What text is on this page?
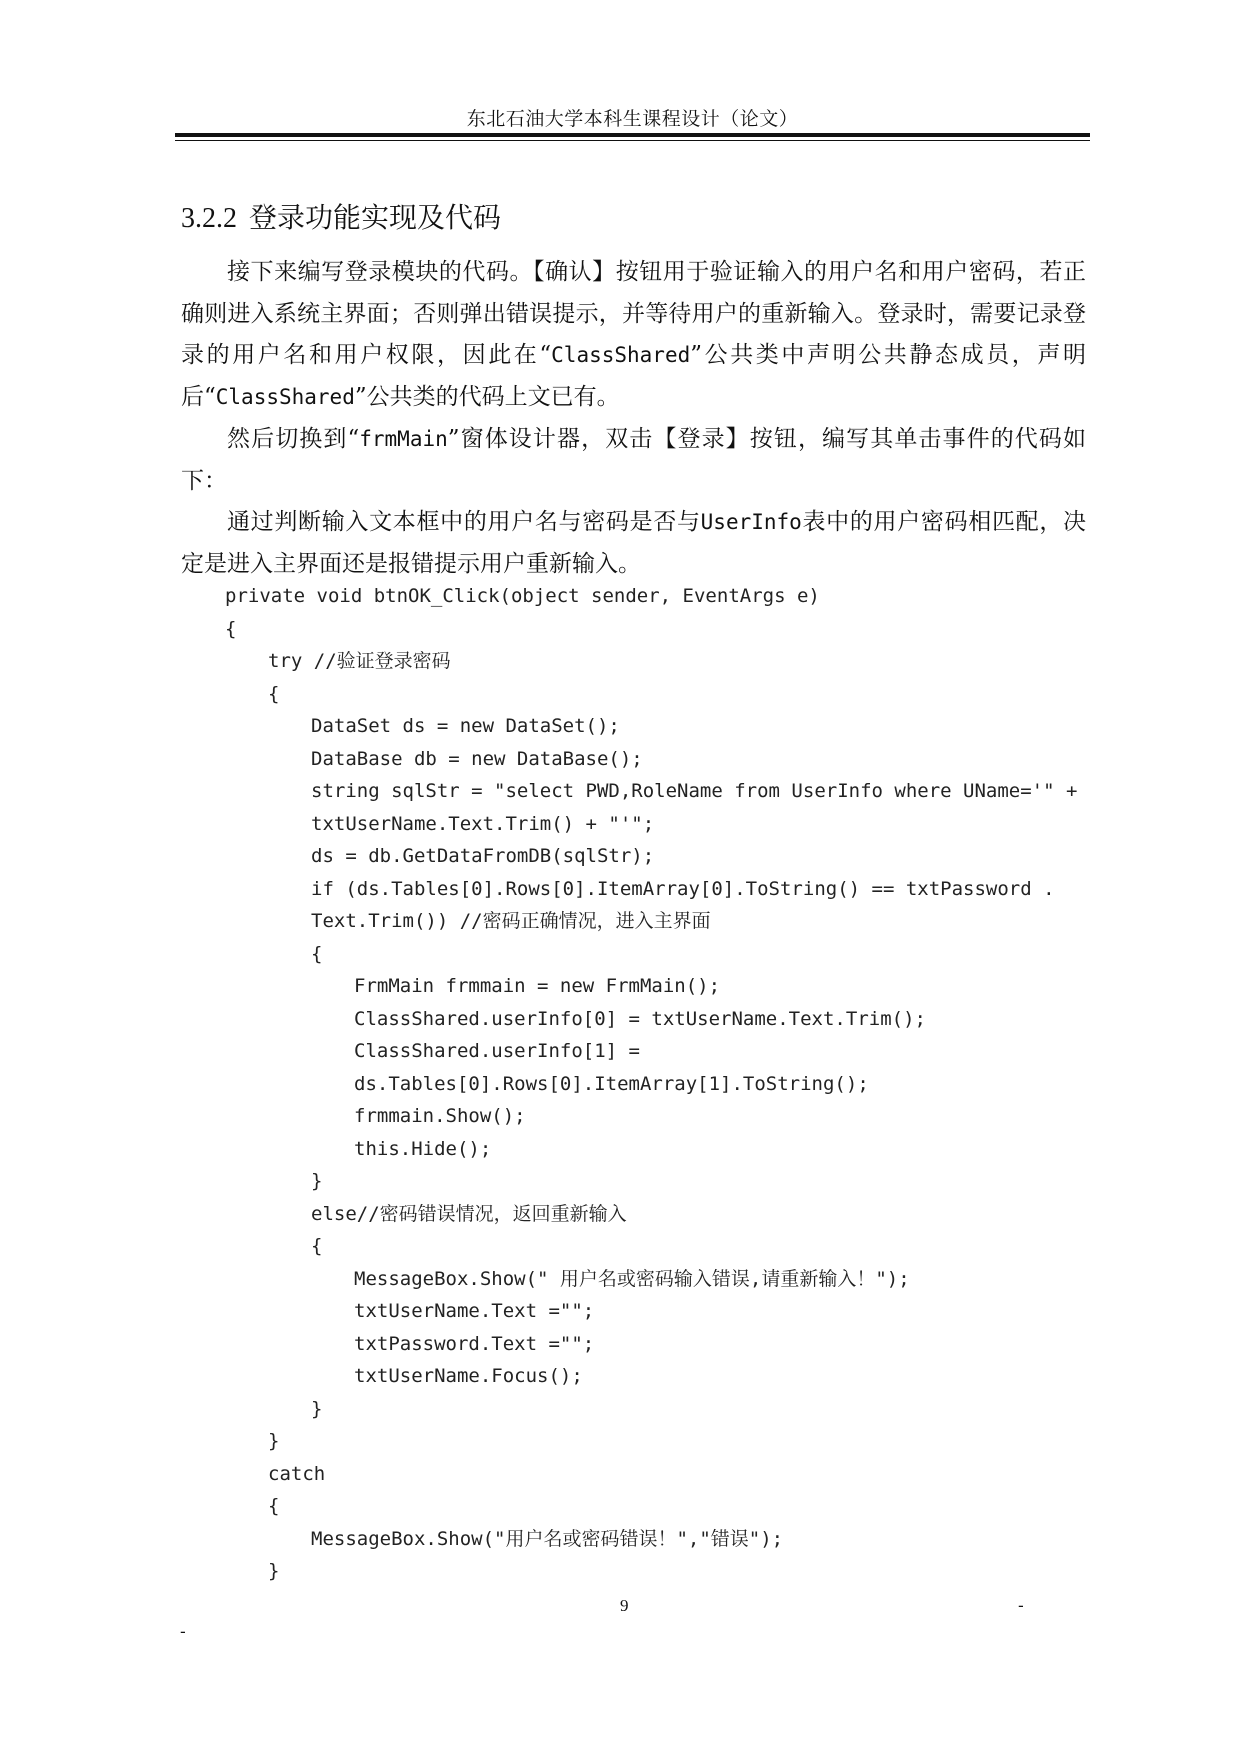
东北石油大学本科生课程设计（论文）
3.2.2 登录功能实现及代码

接下来编写登录模块的代码。【确认】按钮用于验证输入的用户名和用户密码，若正确则进入系统主界面；否则弹出错误提示，并等待用户的重新输入。登录时，需要记录登录的用户名和用户权限，因此在“ClassShared”公共类中声明公共静态成员，声明后“ClassShared”公共类的代码上文已有。

然后切换到“frmMain”窗体设计器，双击【登录】按钮，编写其单击事件的代码如下：

通过判断输入文本框中的用户名与密码是否与UserInfo表中的用户密码相匹配，决定是进入主界面还是报错提示用户重新输入。

private void btnOK_Click(object sender, EventArgs e)
{
try //验证登录密码
{
DataSet ds = new DataSet();
DataBase db = new DataBase();
string sqlStr = "select PWD,RoleName from UserInfo where UName='" +
txtUserName.Text.Trim() + "'";
ds = db.GetDataFromDB(sqlStr);
if (ds.Tables[0].Rows[0].ItemArray[0].ToString() == txtPassword .
Text.Trim()) //密码正确情况，进入主界面
{
FrmMain frmmain = new FrmMain();
ClassShared.userInfo[0] = txtUserName.Text.Trim();
ClassShared.userInfo[1] =
ds.Tables[0].Rows[0].ItemArray[1].ToString();
frmmain.Show();
this.Hide();
}
else//密码错误情况，返回重新输入
{
MessageBox.Show(" 用户名或密码输入错误,请重新输入！");
txtUserName.Text ="";
txtPassword.Text ="";
txtUserName.Focus();
}
}
catch
{
MessageBox.Show("用户名或密码错误！","错误");
}
9	-
-
